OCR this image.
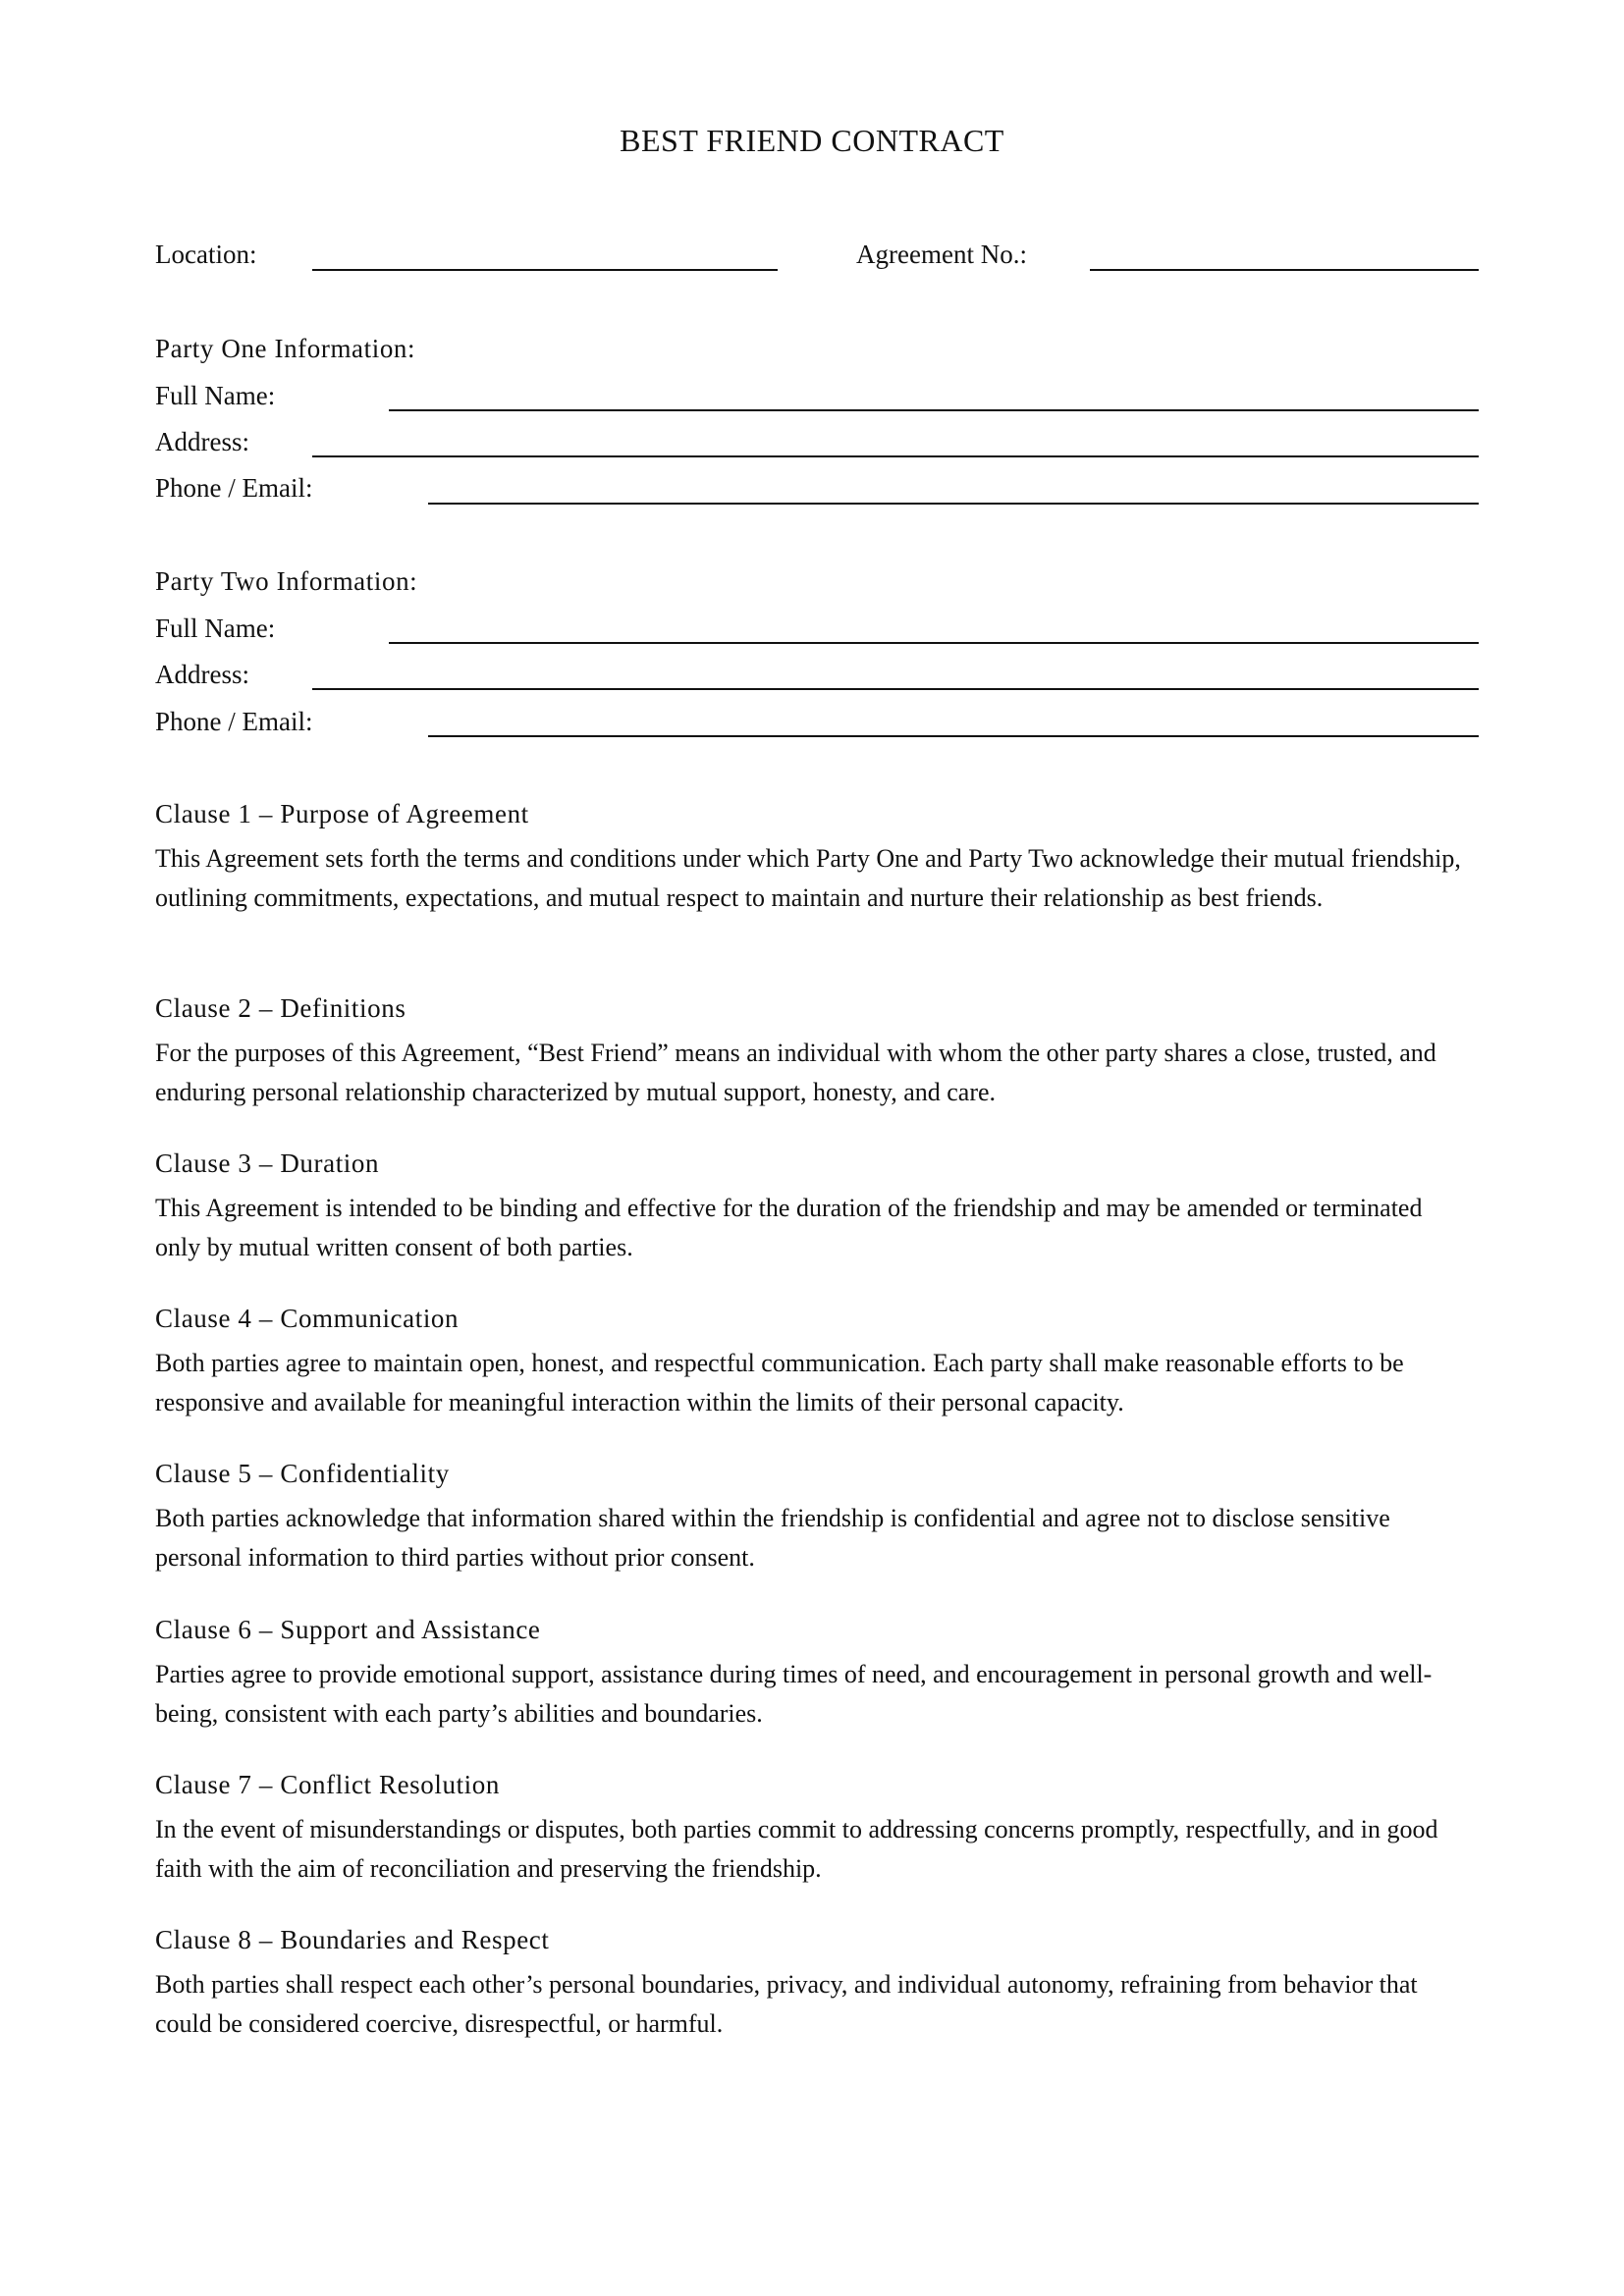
BEST FRIEND CONTRACT
Location:	Agreement No.:
Party One Information:
Full Name:
Address:
Phone / Email:
Party Two Information:
Full Name:
Address:
Phone / Email:
Clause 1 – Purpose of Agreement

This Agreement sets forth the terms and conditions under which Party One and Party Two acknowledge their mutual friendship, outlining commitments, expectations, and mutual respect to maintain and nurture their relationship as best friends.

Clause 2 – Definitions

For the purposes of this Agreement, “Best Friend” means an individual with whom the other party shares a close, trusted, and enduring personal relationship characterized by mutual support, honesty, and care.

Clause 3 – Duration

This Agreement is intended to be binding and effective for the duration of the friendship and may be amended or terminated only by mutual written consent of both parties.

Clause 4 – Communication

Both parties agree to maintain open, honest, and respectful communication. Each party shall make reasonable efforts to be responsive and available for meaningful interaction within the limits of their personal capacity.

Clause 5 – Confidentiality

Both parties acknowledge that information shared within the friendship is confidential and agree not to disclose sensitive personal information to third parties without prior consent.

Clause 6 – Support and Assistance

Parties agree to provide emotional support, assistance during times of need, and encouragement in personal growth and well-being, consistent with each party’s abilities and boundaries.

Clause 7 – Conflict Resolution

In the event of misunderstandings or disputes, both parties commit to addressing concerns promptly, respectfully, and in good faith with the aim of reconciliation and preserving the friendship.

Clause 8 – Boundaries and Respect

Both parties shall respect each other’s personal boundaries, privacy, and individual autonomy, refraining from behavior that could be considered coercive, disrespectful, or harmful.
